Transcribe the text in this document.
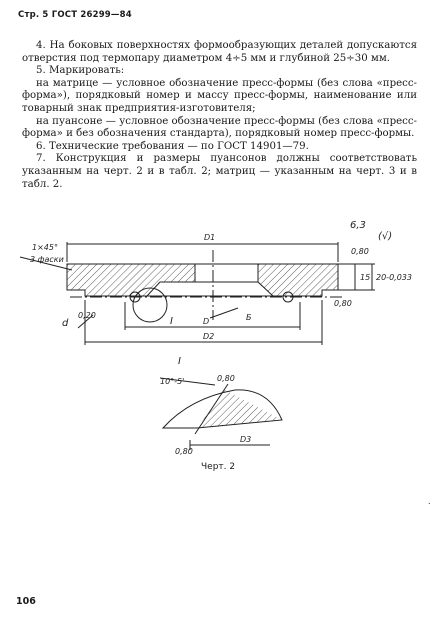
Стр. 5 ГОСТ 26299—84

4. На боковых поверхностях формообразующих деталей допускаются отверстия под термопару диаметром 4÷5 мм и глубиной 25÷30 мм.

5. Маркировать:

на матрице — условное обозначение пресс-формы (без слова «пресс-форма»), порядковый номер и массу пресс-формы, наименование или товарный знак предприятия-изготовителя;

на пуансоне — условное обозначение пресс-формы (без слова «пресс-форма» и без обозначения стандарта), порядковый номер пресс-формы.

6. Технические требования — по ГОСТ 14901—79.

7. Конструкция и размеры пуансонов должны соответствовать указанным на черт. 2 и в табл. 2; матриц — указанным на черт. 3 и в табл. 2.

1×45°
3 фаски
D1
D
D2
D3
6,3
(√)
0,80
0,80
0,80
0,80
0,20
15 20-0,033
I
I
Б
d
10°-5'
Черт. 2
.
106
